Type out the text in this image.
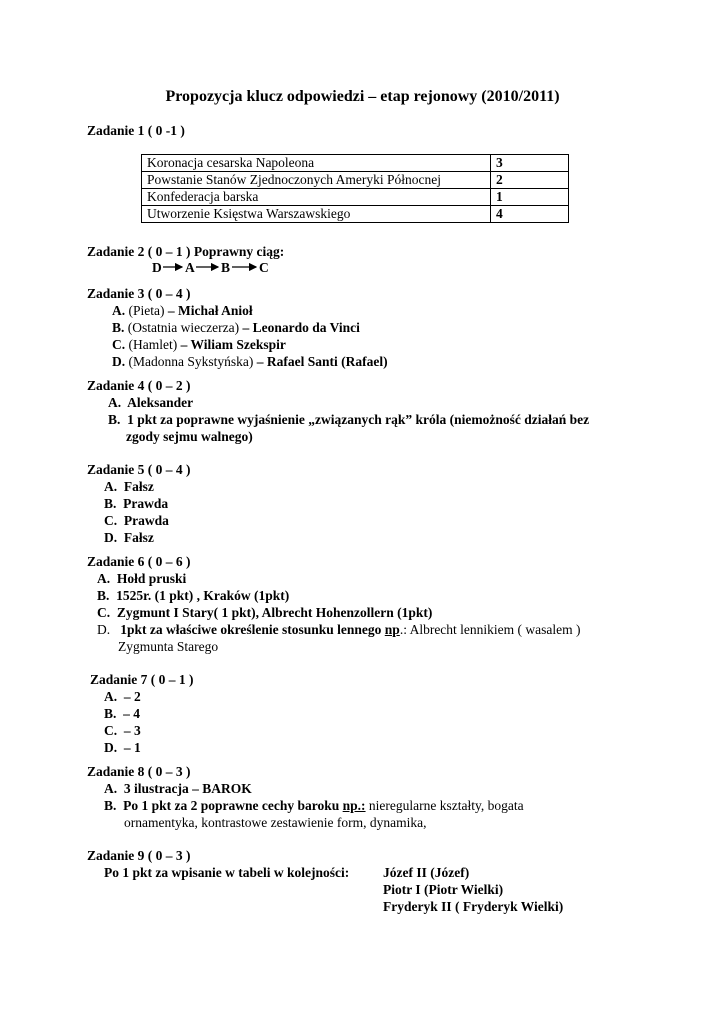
Propozycja klucz odpowiedzi – etap rejonowy (2010/2011)
Zadanie 1 ( 0 -1 )
Koronacja cesarska Napoleona	3
Powstanie Stanów Zjednoczonych Ameryki Północnej	2
Konfederacja barska	1
Utworzenie Księstwa Warszawskiego	4
Zadanie 2 ( 0 – 1 ) Poprawny ciąg:
D A B C
Zadanie 3 ( 0 – 4 )
A. (Pieta) – Michał Anioł
B. (Ostatnia wieczerza) – Leonardo da Vinci
C. (Hamlet) – Wiliam Szekspir
D. (Madonna Sykstyńska) – Rafael Santi (Rafael)
Zadanie 4 ( 0 – 2 )
A. Aleksander
B. 1 pkt za poprawne wyjaśnienie „związanych rąk” króla (niemożność działań bez
zgody sejmu walnego)
Zadanie 5 ( 0 – 4 )
A. Fałsz
B. Prawda
C. Prawda
D. Fałsz
Zadanie 6 ( 0 – 6 )
A. Hołd pruski
B. 1525r. (1 pkt) , Kraków (1pkt)
C. Zygmunt I Stary( 1 pkt), Albrecht Hohenzollern (1pkt)
D. 1pkt za właściwe określenie stosunku lennego np.: Albrecht lennikiem ( wasalem )
Zygmunta Starego
Zadanie 7 ( 0 – 1 )
A. – 2
B. – 4
C. – 3
D. – 1
Zadanie 8 ( 0 – 3 )
A. 3 ilustracja – BAROK
B. Po 1 pkt za 2 poprawne cechy baroku np.: nieregularne kształty, bogata
ornamentyka, kontrastowe zestawienie form, dynamika,
Zadanie 9 ( 0 – 3 )
Po 1 pkt za wpisanie w tabeli w kolejności: Józef II (Józef)
Piotr I (Piotr Wielki)
Fryderyk II ( Fryderyk Wielki)
